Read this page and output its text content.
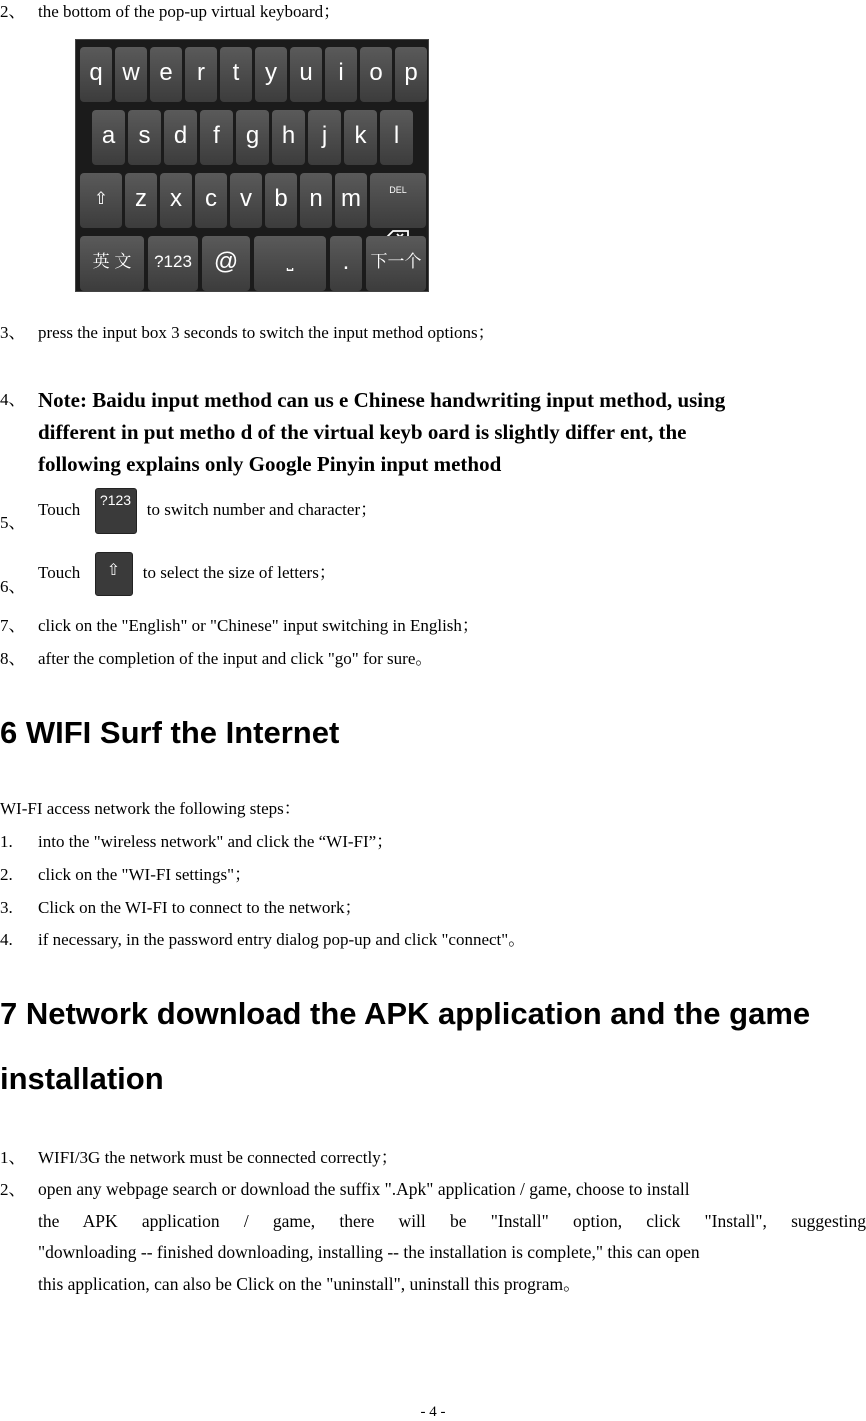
2、 the bottom of the pop-up virtual keyboard；
q w e	r	t	y u	i	o p
a s d	f	g h	j	k	l
⇧	z x c v b n m	DEL
英 文	?123 @	⎵	.	下一个
3、 press the input box 3 seconds to switch the input method options；
4、 Note: Baidu input method can us e Chinese handwriting input method, using
different in put metho d of the virtual keyb oard is slightly differ ent, the
following explains only Google Pinyin input method
5、
Touch ?123 to switch number and character；
6、
Touch ⇧ to select the size of letters；
7、 click on the "English" or "Chinese" input switching in English；
8、 after the completion of the input and click "go" for sure。
6 WIFI Surf the Internet
WI-FI access network the following steps：
1.	into the "wireless network" and click the “WI-FI”；
2.	click on the "WI-FI settings"；
3.	Click on the WI-FI to connect to the network；
4.	if necessary, in the password entry dialog pop-up and click "connect"。
7 Network download the APK application and the game
installation
1、 WIFI/3G the network must be connected correctly；
2、 open any webpage search or download the suffix ".Apk" application / game, choose to install
the APK application / game, there will be "Install" option, click "Install", suggesting
"downloading -- finished downloading, installing -- the installation is complete," this can open
this application, can also be Click on the "uninstall", uninstall this program。
- 4 -
